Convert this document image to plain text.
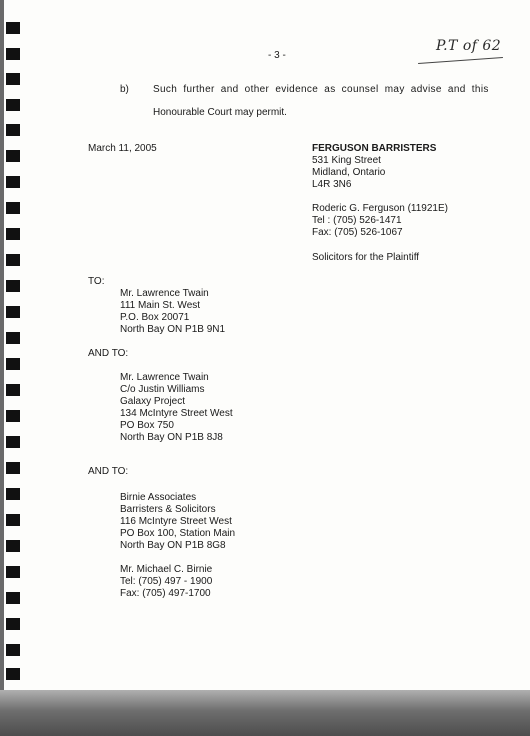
- 3 -
P.T of 62
b) Such further and other evidence as counsel may advise and this
Honourable Court may permit.
March 11, 2005	FERGUSON BARRISTERS
531 King Street
Midland, Ontario
L4R 3N6
Roderic G. Ferguson (11921E)
Tel : (705) 526-1471
Fax: (705) 526-1067
Solicitors for the Plaintiff
TO:
Mr. Lawrence Twain
111 Main St. West
P.O. Box 20071
North Bay ON P1B 9N1
AND TO:
Mr. Lawrence Twain
C/o Justin Williams
Galaxy Project
134 McIntyre Street West
PO Box 750
North Bay ON P1B 8J8
AND TO:
Birnie Associates
Barristers & Solicitors
116 McIntyre Street West
PO Box 100, Station Main
North Bay ON P1B 8G8
Mr. Michael C. Birnie
Tel: (705) 497 - 1900
Fax: (705) 497-1700
